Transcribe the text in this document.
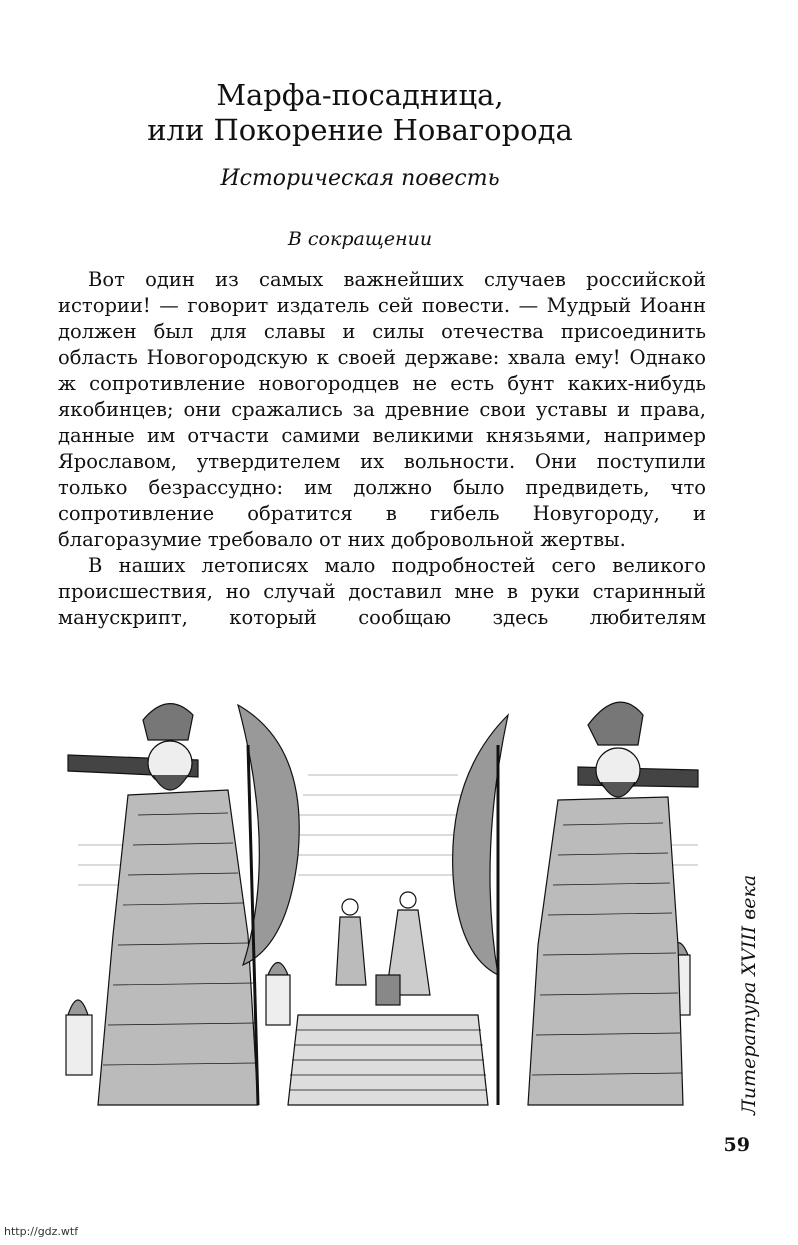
Марфа-посадница,
или Покорение Новагорода
Историческая повесть
В сокращении

Вот один из самых важнейших случаев российской истории! — говорит издатель сей повести. — Мудрый Иоанн должен был для славы и силы отечества присоединить область Новогородскую к своей державе: хвала ему! Однако ж сопротивление новогородцев не есть бунт каких-нибудь якобинцев; они сражались за древние свои уставы и права, данные им отчасти самими великими князьями, например Ярославом, утвердителем их вольности. Они поступили только безрассудно: им должно было предвидеть, что сопротивление обратится в гибель Новугороду, и благоразумие требовало от них добровольной жертвы.

В наших летописях мало подробностей сего великого происшествия, но случай доставил мне в руки старинный манускрипт, который сообщаю здесь любителям

Литература XVIII века
59
http://gdz.wtf
